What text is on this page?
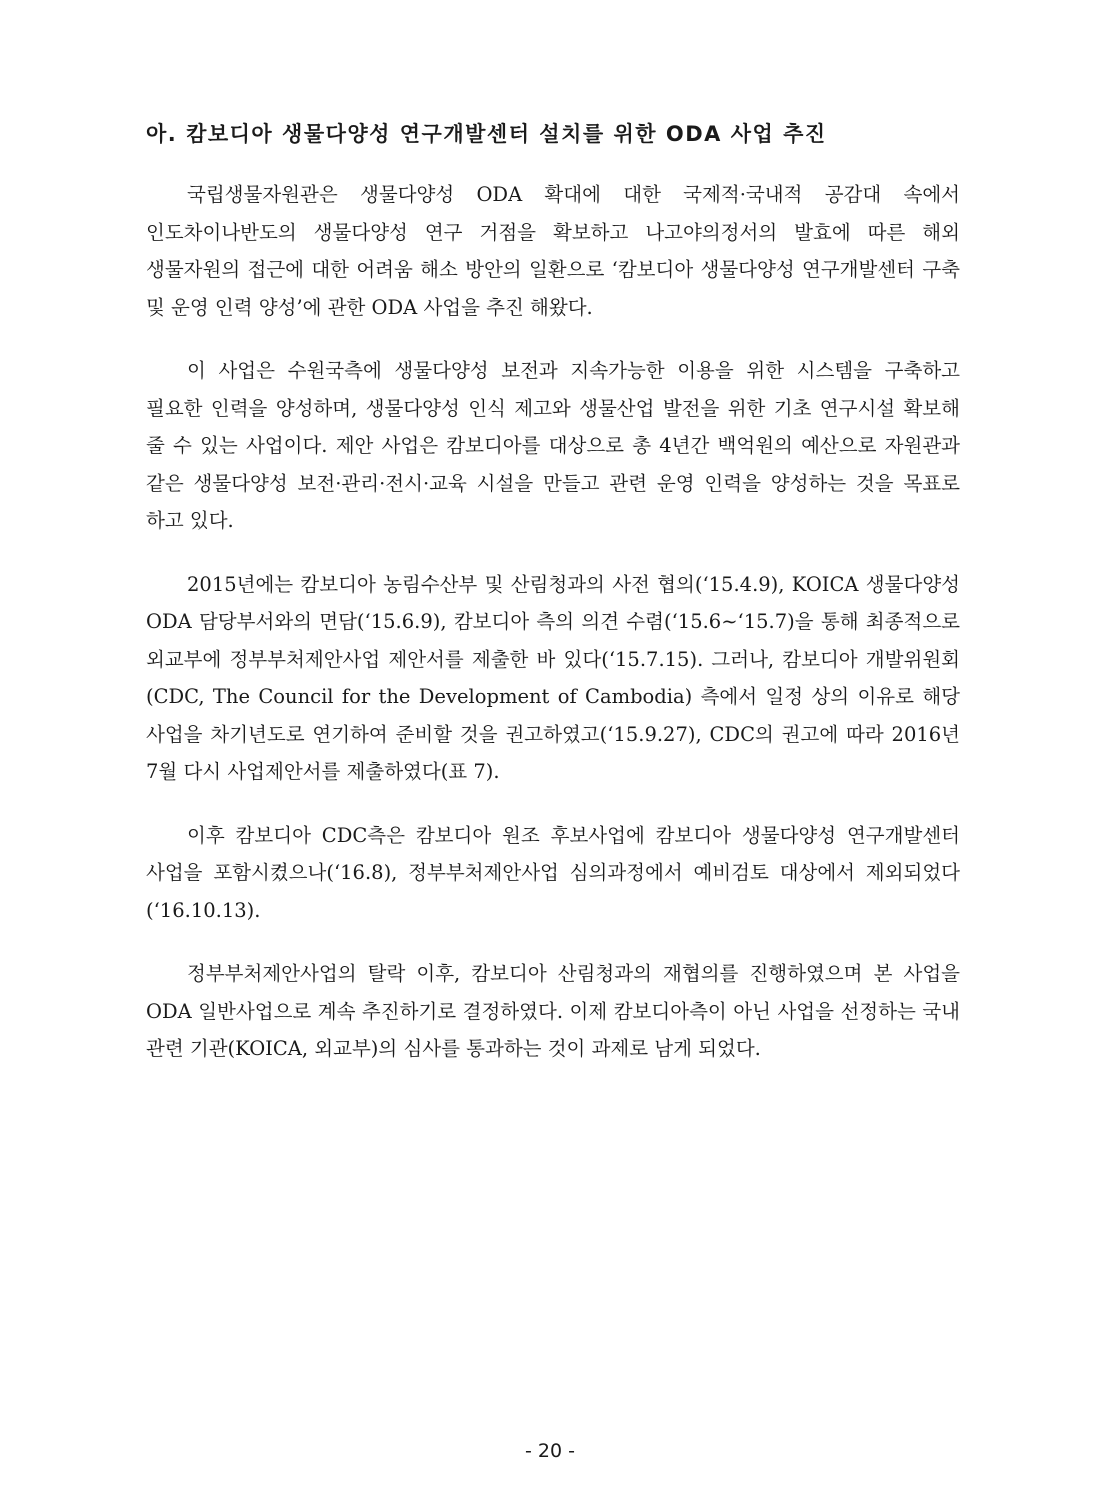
아. 캄보디아 생물다양성 연구개발센터 설치를 위한 ODA 사업 추진

국립생물자원관은 생물다양성 ODA 확대에 대한 국제적·국내적 공감대 속에서 인도차이나반도의 생물다양성 연구 거점을 확보하고 나고야의정서의 발효에 따른 해외 생물자원의 접근에 대한 어려움 해소 방안의 일환으로 ‘캄보디아 생물다양성 연구개발센터 구축 및 운영 인력 양성’에 관한 ODA 사업을 추진 해왔다.

이 사업은 수원국측에 생물다양성 보전과 지속가능한 이용을 위한 시스템을 구축하고 필요한 인력을 양성하며, 생물다양성 인식 제고와 생물산업 발전을 위한 기초 연구시설 확보해 줄 수 있는 사업이다. 제안 사업은 캄보디아를 대상으로 총 4년간 백억원의 예산으로 자원관과 같은 생물다양성 보전·관리·전시·교육 시설을 만들고 관련 운영 인력을 양성하는 것을 목표로 하고 있다.

2015년에는 캄보디아 농림수산부 및 산림청과의 사전 협의(‘15.4.9), KOICA 생물다양성 ODA 담당부서와의 면담(‘15.6.9), 캄보디아 측의 의견 수렴(‘15.6∼‘15.7)을 통해 최종적으로 외교부에 정부부처제안사업 제안서를 제출한 바 있다(‘15.7.15). 그러나, 캄보디아 개발위원회(CDC, The Council for the Development of Cambodia) 측에서 일정 상의 이유로 해당 사업을 차기년도로 연기하여 준비할 것을 권고하였고(‘15.9.27), CDC의 권고에 따라 2016년 7월 다시 사업제안서를 제출하였다(표 7).

이후 캄보디아 CDC측은 캄보디아 원조 후보사업에 캄보디아 생물다양성 연구개발센터 사업을 포함시켰으나(‘16.8), 정부부처제안사업 심의과정에서 예비검토 대상에서 제외되었다(‘16.10.13).

정부부처제안사업의 탈락 이후, 캄보디아 산림청과의 재협의를 진행하였으며 본 사업을 ODA 일반사업으로 계속 추진하기로 결정하였다. 이제 캄보디아측이 아닌 사업을 선정하는 국내 관련 기관(KOICA, 외교부)의 심사를 통과하는 것이 과제로 남게 되었다.

- 20 -
